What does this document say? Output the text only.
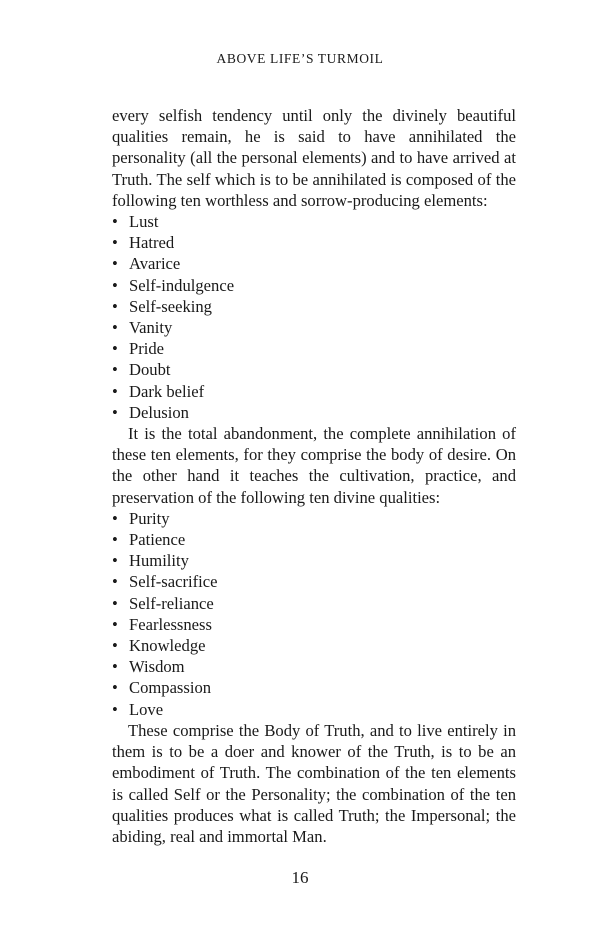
ABOVE LIFE’S TURMOIL

every selfish tendency until only the divinely beautiful qualities remain, he is said to have annihilated the personality (all the personal elements) and to have arrived at Truth. The self which is to be annihilated is composed of the following ten worthless and sorrow-producing elements:

• Lust
• Hatred
• Avarice
• Self-indulgence
• Self-seeking
• Vanity
• Pride
• Doubt
• Dark belief
• Delusion

It is the total abandonment, the complete annihilation of these ten elements, for they comprise the body of desire. On the other hand it teaches the cultivation, practice, and preservation of the following ten divine qualities:

• Purity
• Patience
• Humility
• Self-sacrifice
• Self-reliance
• Fearlessness
• Knowledge
• Wisdom
• Compassion
• Love

These comprise the Body of Truth, and to live entirely in them is to be a doer and knower of the Truth, is to be an embodiment of Truth. The combination of the ten elements is called Self or the Personality; the combination of the ten qualities produces what is called Truth; the Impersonal; the abiding, real and immortal Man.

16
